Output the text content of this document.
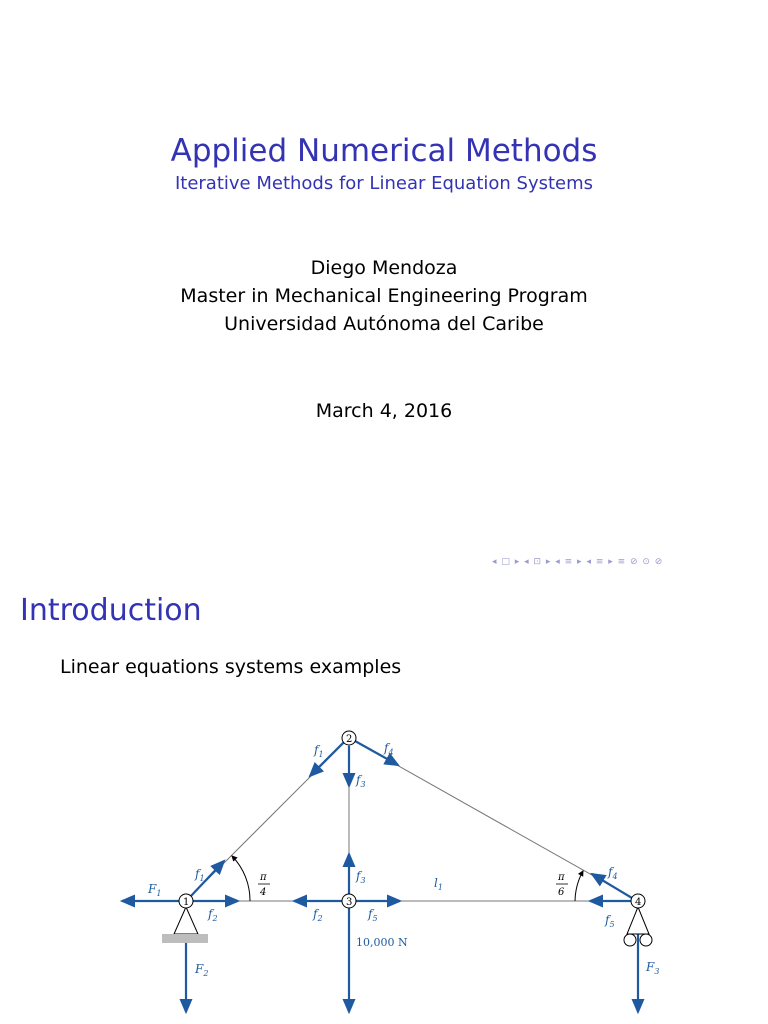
Applied Numerical Methods
Iterative Methods for Linear Equation Systems
Diego Mendoza
Master in Mechanical Engineering Program
Universidad Autónoma del Caribe
March 4, 2016
◂ □ ▸ ◂ ⊡ ▸ ◂ ≡ ▸ ◂ ≡ ▸ ≡ ⊘ ⊙ ⊘
Introduction
Linear equations systems examples
π
4
π
6
1
2
3	4
$F_1$
$F_2$	$F_3$
$f_1$
$f_1$
$f_2$	$f_2$
$f_3$
$f_3$
$f_4$
$f_4$
$f_5$	$f_5$
$l_1$
10,000 N
